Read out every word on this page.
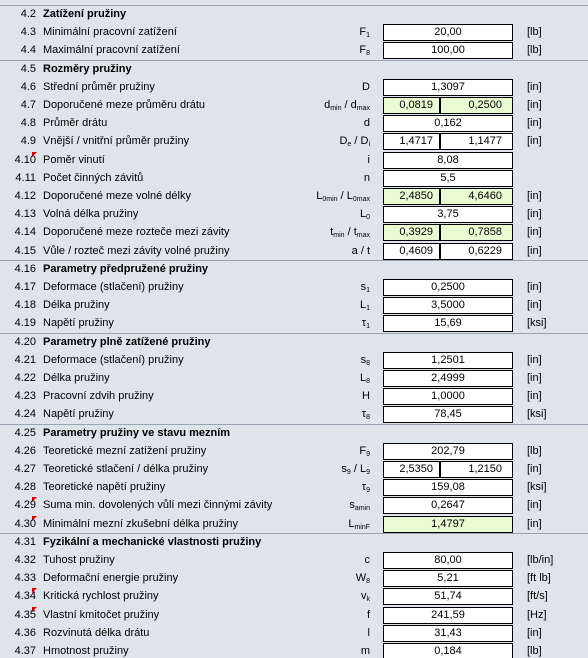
4.2 Zatížení pružiny
4.3 Minimální pracovní zatížení	$F_1$	20,00	[lb]
4.4 Maximální pracovní zatížení	$F_8$	100,00	[lb]
4.5 Rozměry pružiny
4.6 Střední průměr pružiny	D	1,3097	[in]
4.7 Doporučené meze průměru drátu	$d_{min} / d_{max}$	0,0819	0,2500	[in]
4.8 Průměr drátu	d	0,162	[in]
4.9 Vnější / vnitřní průměr pružiny	$D_e / D_i$	1,4717	1,1477	[in]
4.10 Poměr vinutí	i	8,08
4.11 Počet činných závitů	n	5,5
4.12 Doporučené meze volné délky	$L_{0min} / L_{0max}$	2,4850	4,6460	[in]
4.13 Volná délka pružiny	$L_0$	3,75	[in]
4.14 Doporučené meze rozteče mezi závity	$t_{min} / t_{max}$	0,3929	0,7858	[in]
4.15 Vůle / rozteč mezi závity volné pružiny	a / t	0,4609	0,6229	[in]
4.16 Parametry předpružené pružiny
4.17 Deformace (stlačení) pružiny	$s_1$	0,2500	[in]
4.18 Délka pružiny	$L_1$	3,5000	[in]
4.19 Napětí pružiny	$\tau_1$	15,69	[ksi]
4.20 Parametry plně zatížené pružiny
4.21 Deformace (stlačení) pružiny	$s_8$	1,2501	[in]
4.22 Délka pružiny	$L_8$	2,4999	[in]
4.23 Pracovní zdvih pružiny	H	1,0000	[in]
4.24 Napětí pružiny	$\tau_8$	78,45	[ksi]
4.25 Parametry pružiny ve stavu mezním
4.26 Teoretické mezní zatížení pružiny	$F_9$	202,79	[lb]
4.27 Teoretické stlačení / délka pružiny	$s_9 / L_9$	2,5350	1,2150	[in]
4.28 Teoretické napětí pružiny	$\tau_9$	159,08	[ksi]
4.29 Suma min. dovolených vůlí mezi činnými závity	$s_{amin}$	0,2647	[in]
4.30 Minimální mezní zkušební délka pružiny	$L_{minF}$	1,4797	[in]
4.31 Fyzikální a mechanické vlastnosti pružiny
4.32 Tuhost pružiny	c	80,00	[lb/in]
4.33 Deformační energie pružiny	$W_8$	5,21	[ft lb]
4.34 Kritická rychlost pružiny	$v_k$	51,74	[ft/s]
4.35 Vlastní kmitočet pružiny	f	241,59	[Hz]
4.36 Rozvinutá délka drátu	l	31,43	[in]
4.37 Hmotnost pružiny	m	0,184	[lb]
